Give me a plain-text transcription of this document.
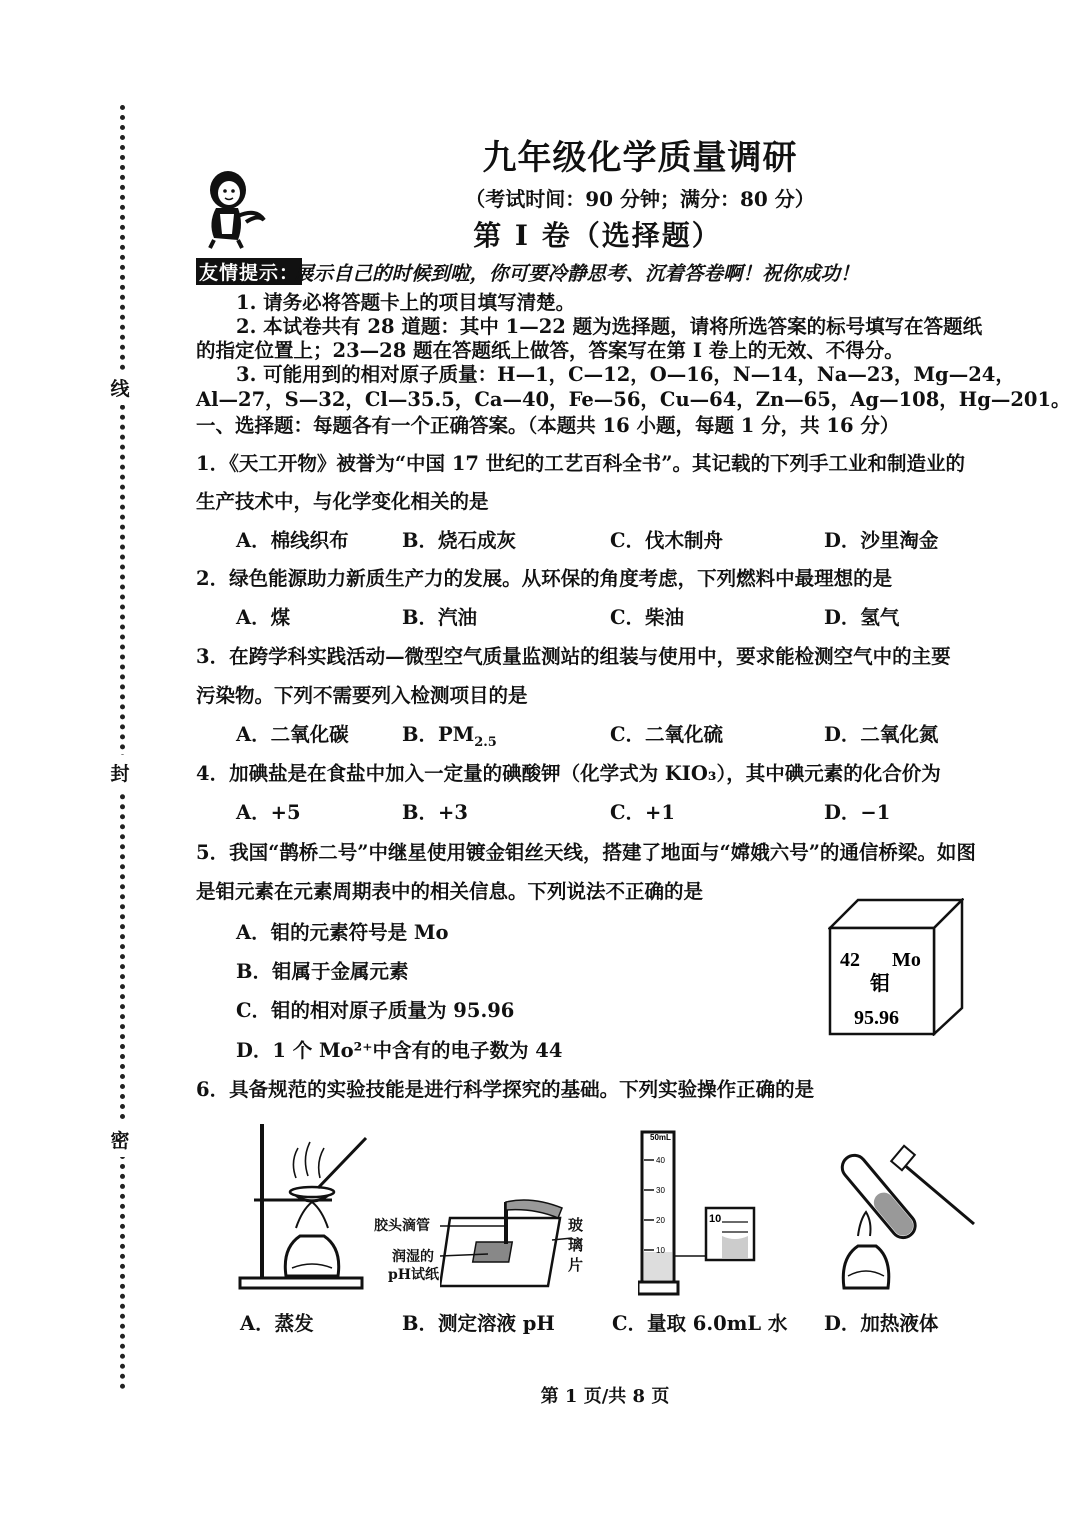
线
封
密
九年级化学质量调研
（考试时间：90 分钟；满分：80 分）
第 Ⅰ 卷（选择题）
友情提示：
展示自己的时候到啦，你可要冷静思考、沉着答卷啊！祝你成功！
1. 请务必将答题卡上的项目填写清楚。
2. 本试卷共有 28 道题：其中 1—22 题为选择题，请将所选答案的标号填写在答题纸
的指定位置上；23—28 题在答题纸上做答，答案写在第 I 卷上的无效、不得分。
3. 可能用到的相对原子质量：H—1，C—12，O—16，N—14，Na—23，Mg—24，
Al—27，S—32，Cl—35.5，Ca—40，Fe—56，Cu—64，Zn—65，Ag—108，Hg—201。
一、选择题：每题各有一个正确答案。（本题共 16 小题，每题 1 分，共 16 分）
1．《天工开物》被誉为“中国 17 世纪的工艺百科全书”。其记载的下列手工业和制造业的
生产技术中，与化学变化相关的是
A．棉线织布	B．烧石成灰	C．伐木制舟	D．沙里淘金
2．绿色能源助力新质生产力的发展。从环保的角度考虑，下列燃料中最理想的是
A．煤	B．汽油	C．柴油	D．氢气
3．在跨学科实践活动—微型空气质量监测站的组装与使用中，要求能检测空气中的主要
污染物。下列不需要列入检测项目的是
A．二氧化碳	B．$PM_{2.5}$	C．二氧化硫	D．二氧化氮
4．加碘盐是在食盐中加入一定量的碘酸钾（化学式为 KIO₃），其中碘元素的化合价为
A．+5	B．+3	C．+1	D．−1
5．我国“鹊桥二号”中继星使用镀金钼丝天线，搭建了地面与“嫦娥六号”的通信桥梁。如图
是钼元素在元素周期表中的相关信息。下列说法不正确的是
A．钼的元素符号是 Mo
B．钼属于金属元素
C．钼的相对原子质量为 95.96
D．1 个 Mo²⁺中含有的电子数为 44
42 Mo
钼
95.96
6．具备规范的实验技能是进行科学探究的基础。下列实验操作正确的是
A．蒸发
胶头滴管
润湿的
pH试纸
玻
璃
片
B．测定溶液 pH
50mL
40
30
20
10
10
C．量取 6.0mL 水 D．加热液体
第 1 页/共 8 页
